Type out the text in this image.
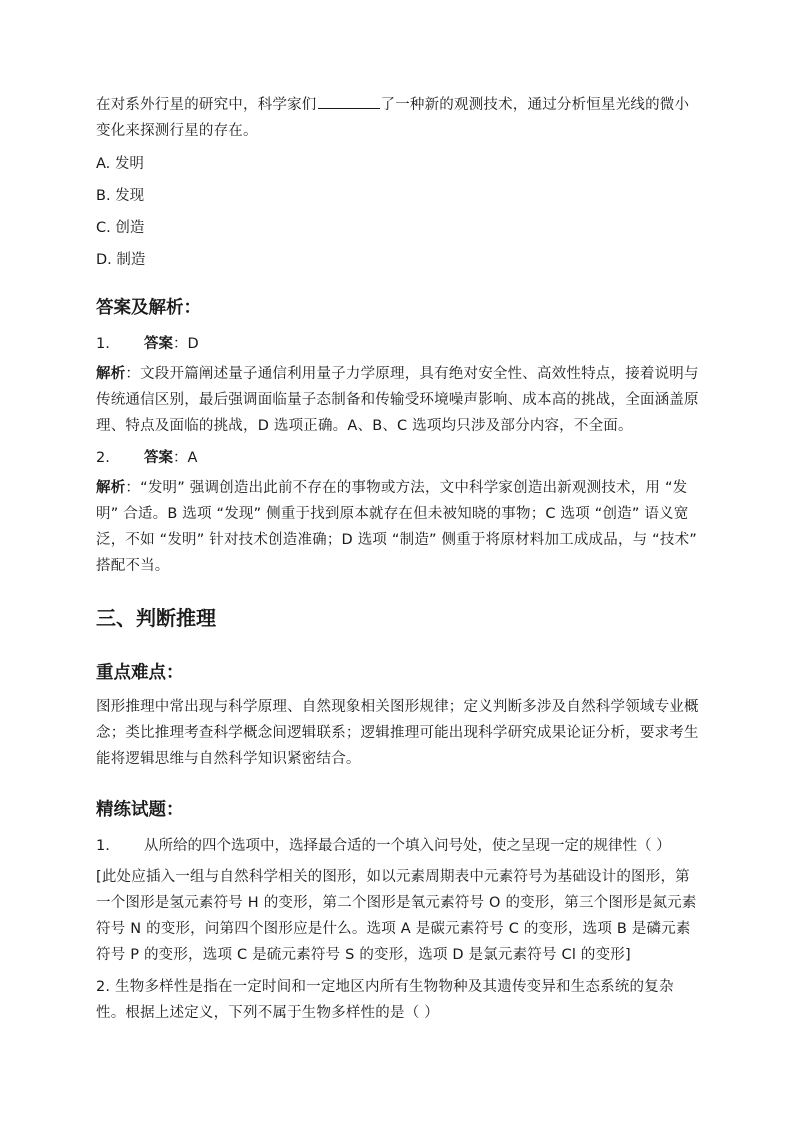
在对系外行星的研究中，科学家们	了一种新的观测技术，通过分析恒星光线的微小变化来探测行星的存在。

A. 发明

B. 发现

C. 创造

D. 制造

答案及解析：

1.	答案：D

解析：文段开篇阐述量子通信利用量子力学原理，具有绝对安全性、高效性特点，接着说明与传统通信区别，最后强调面临量子态制备和传输受环境噪声影响、成本高的挑战，全面涵盖原理、特点及面临的挑战，D 选项正确。A、B、C 选项均只涉及部分内容，不全面。

2.	答案：A

解析：“发明” 强调创造出此前不存在的事物或方法，文中科学家创造出新观测技术，用 “发明” 合适。B 选项 “发现” 侧重于找到原本就存在但未被知晓的事物；C 选项 “创造” 语义宽泛，不如 “发明” 针对技术创造准确；D 选项 “制造” 侧重于将原材料加工成成品，与 “技术” 搭配不当。

三、判断推理

重点难点：

图形推理中常出现与科学原理、自然现象相关图形规律；定义判断多涉及自然科学领域专业概念；类比推理考查科学概念间逻辑联系；逻辑推理可能出现科学研究成果论证分析，要求考生能将逻辑思维与自然科学知识紧密结合。

精练试题：

1.	从所给的四个选项中，选择最合适的一个填入问号处，使之呈现一定的规律性（ ）

[此处应插入一组与自然科学相关的图形，如以元素周期表中元素符号为基础设计的图形，第一个图形是氢元素符号 H 的变形，第二个图形是氧元素符号 O 的变形，第三个图形是氮元素符号 N 的变形，问第四个图形应是什么。选项 A 是碳元素符号 C 的变形，选项 B 是磷元素符号 P 的变形，选项 C 是硫元素符号 S 的变形，选项 D 是氯元素符号 Cl 的变形]

2. 生物多样性是指在一定时间和一定地区内所有生物物种及其遗传变异和生态系统的复杂性。根据上述定义，下列不属于生物多样性的是（ ）
